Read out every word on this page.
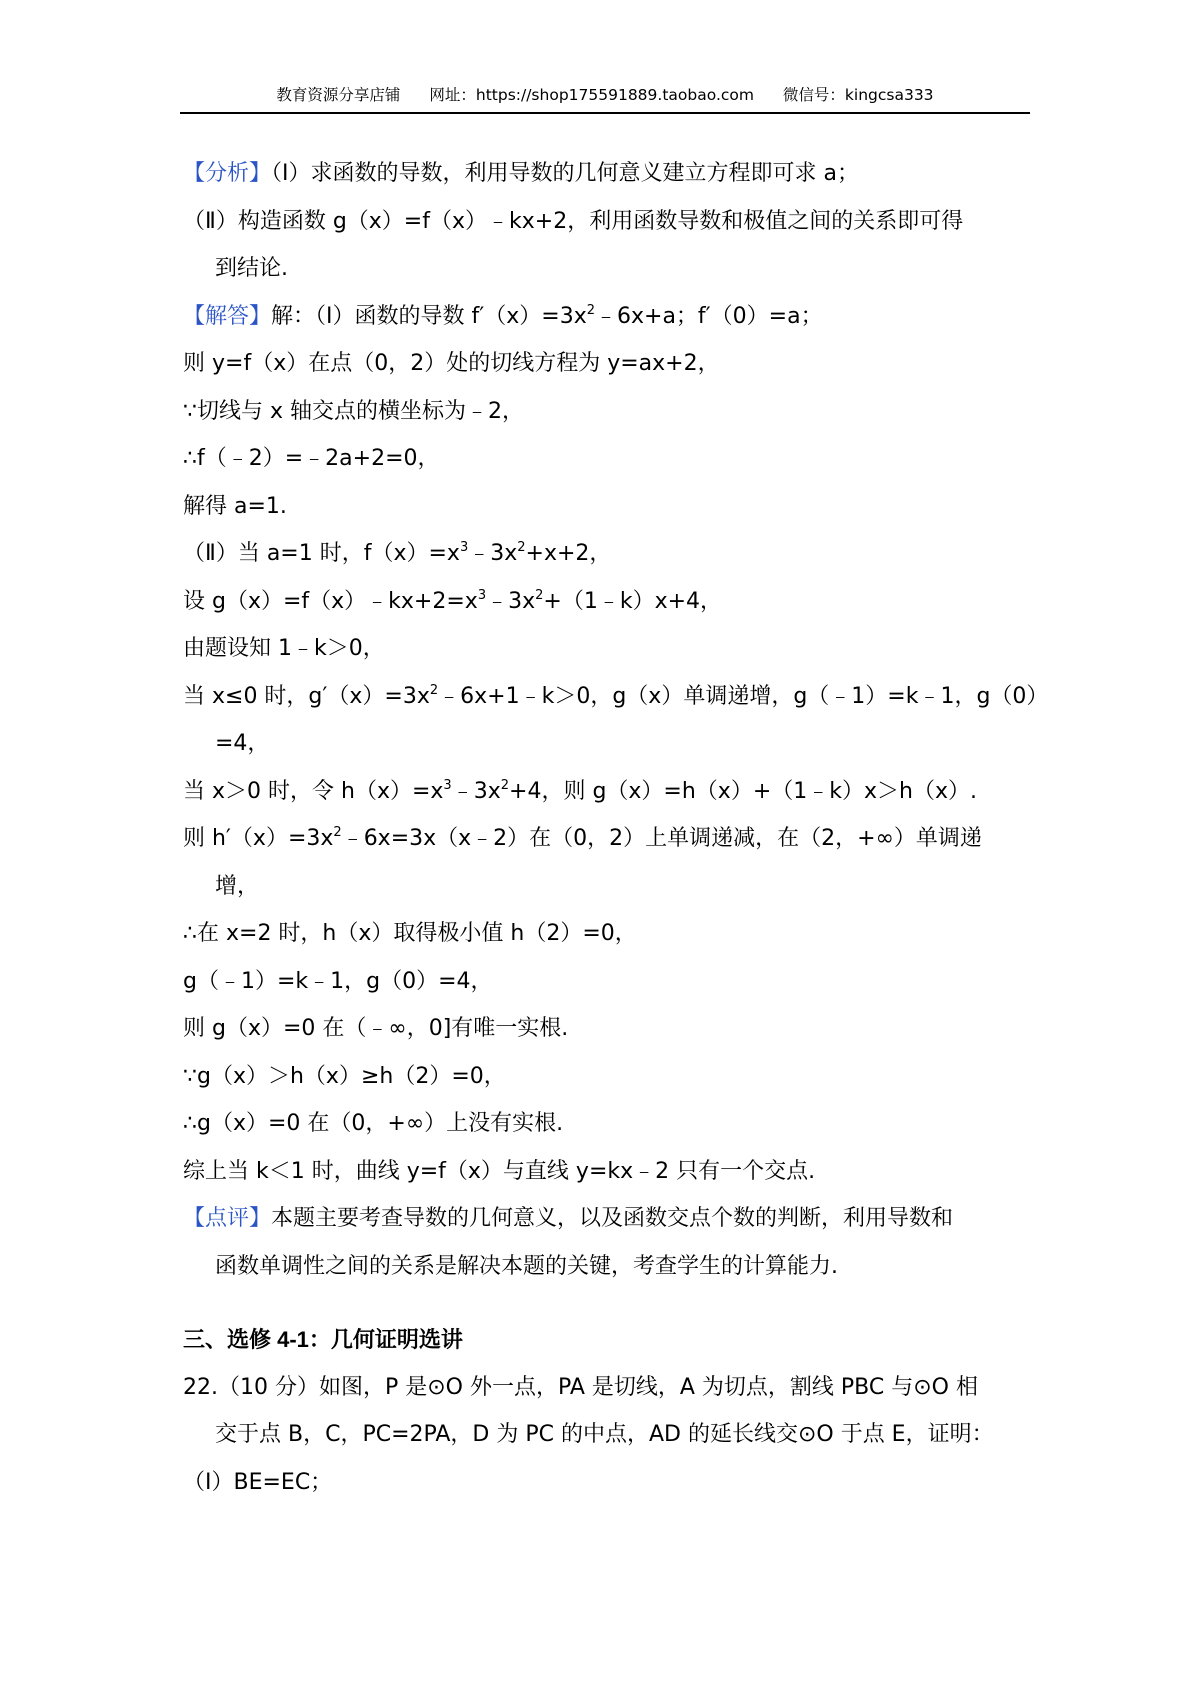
教育资源分享店铺 网址：https://shop175591889.taobao.com 微信号：kingcsa333
【分析】（Ⅰ）求函数的导数，利用导数的几何意义建立方程即可求 a；
（Ⅱ）构造函数 g（x）=f（x）﹣kx+2，利用函数导数和极值之间的关系即可得
到结论.
【解答】解：（Ⅰ）函数的导数 $f'(x)=3x^2﹣6x+a$；f′（0）=a；
则 y=f（x）在点（0，2）处的切线方程为 y=ax+2，
∵切线与 x 轴交点的横坐标为﹣2，
∴f（﹣2）=﹣2a+2=0，
解得 a=1.
（Ⅱ）当 a=1 时，$f(x)=x^3﹣3x^2+x+2$，
设 $g(x)=f(x)﹣kx+2=x^3﹣3x^2+(1﹣k)x+4$，
由题设知 1﹣k＞0，
当 x≤0 时，$g'(x)=3x^2﹣6x+1﹣k>0$，g（x）单调递增，g（﹣1）=k﹣1，g（0）
=4，
当 x＞0 时，令 $h(x)=x^3﹣3x^2+4$，则 g（x）=h（x）+（1﹣k）x＞h（x）.
则 $h'(x)=3x^2﹣6x=3x(x﹣2)$在（0，2）上单调递减，在（2，+∞）单调递
增，
∴在 x=2 时，h（x）取得极小值 h（2）=0，
g（﹣1）=k﹣1，g（0）=4，
则 g（x）=0 在（﹣∞，0]有唯一实根.
∵g（x）＞h（x）≥h（2）=0，
∴g（x）=0 在（0，+∞）上没有实根.
综上当 k＜1 时，曲线 y=f（x）与直线 y=kx﹣2 只有一个交点.
【点评】本题主要考查导数的几何意义，以及函数交点个数的判断，利用导数和
函数单调性之间的关系是解决本题的关键，考查学生的计算能力.
三、选修 4-1：几何证明选讲
22.（10 分）如图，P 是⊙O 外一点，PA 是切线，A 为切点，割线 PBC 与⊙O 相
交于点 B，C，PC=2PA，D 为 PC 的中点，AD 的延长线交⊙O 于点 E，证明：
（Ⅰ）BE=EC；
